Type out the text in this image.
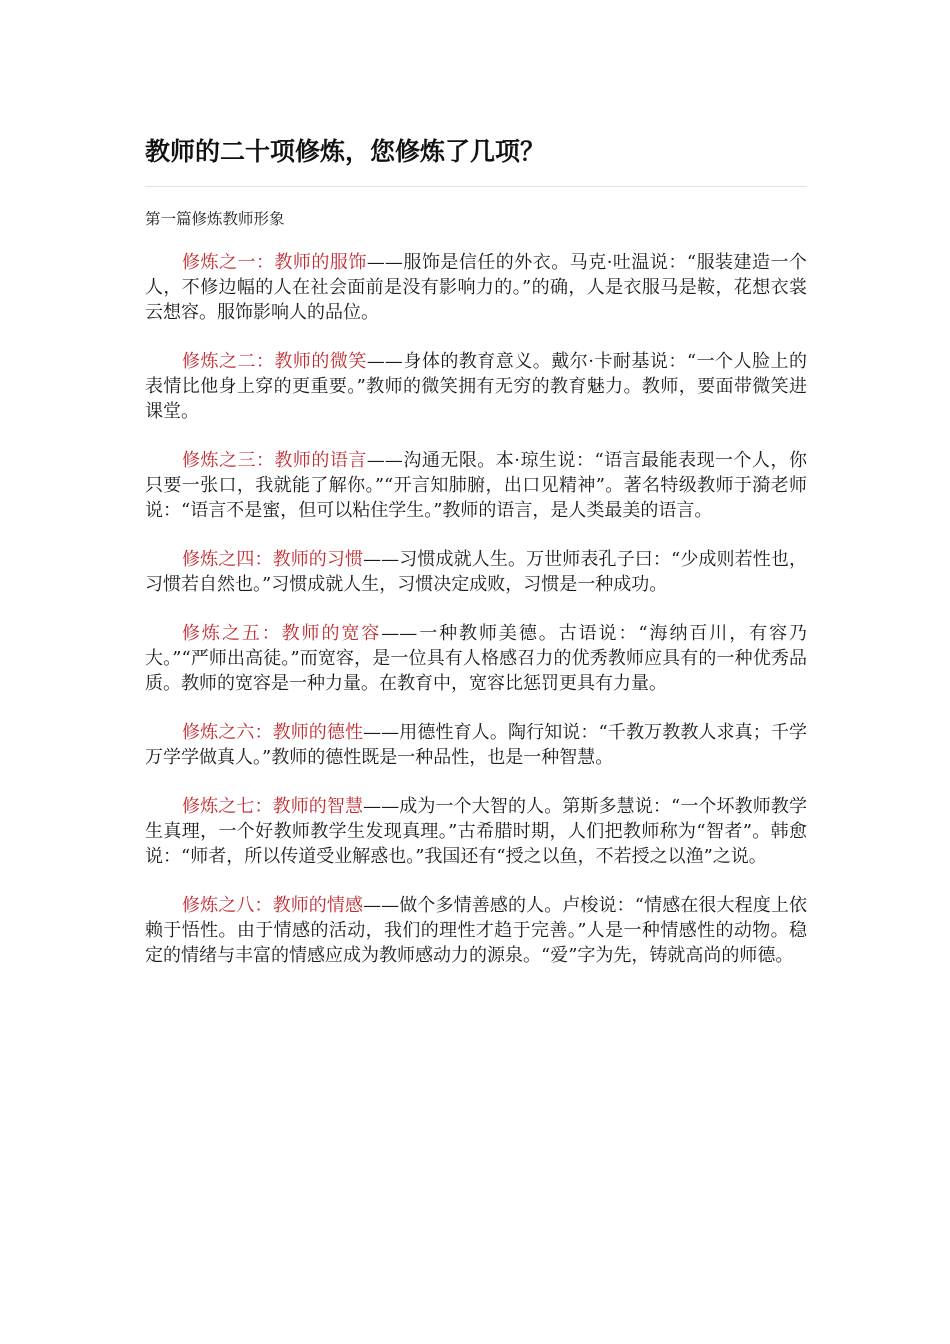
教师的二十项修炼，您修炼了几项？

第一篇修炼教师形象

修炼之一：教师的服饰——服饰是信任的外衣。马克·吐温说：“服装建造一个人，不修边幅的人在社会面前是没有影响力的。”的确，人是衣服马是鞍，花想衣裳云想容。服饰影响人的品位。

修炼之二：教师的微笑——身体的教育意义。戴尔·卡耐基说：“一个人脸上的表情比他身上穿的更重要。”教师的微笑拥有无穷的教育魅力。教师，要面带微笑进课堂。

修炼之三：教师的语言——沟通无限。本·琼生说：“语言最能表现一个人，你只要一张口，我就能了解你。”“开言知肺腑，出口见精神”。著名特级教师于漪老师说：“语言不是蜜，但可以粘住学生。”教师的语言，是人类最美的语言。

修炼之四：教师的习惯——习惯成就人生。万世师表孔子曰：“少成则若性也，习惯若自然也。”习惯成就人生，习惯决定成败，习惯是一种成功。

修炼之五：教师的宽容——一种教师美德。古语说：“海纳百川，有容乃大。”“严师出高徒。”而宽容，是一位具有人格感召力的优秀教师应具有的一种优秀品质。教师的宽容是一种力量。在教育中，宽容比惩罚更具有力量。

修炼之六：教师的德性——用德性育人。陶行知说：“千教万教教人求真；千学万学学做真人。”教师的德性既是一种品性，也是一种智慧。

修炼之七：教师的智慧——成为一个大智的人。第斯多慧说：“一个坏教师教学生真理，一个好教师教学生发现真理。”古希腊时期，人们把教师称为“智者”。韩愈说：“师者，所以传道受业解惑也。”我国还有“授之以鱼，不若授之以渔”之说。

修炼之八：教师的情感——做个多情善感的人。卢梭说：“情感在很大程度上依赖于悟性。由于情感的活动，我们的理性才趋于完善。”人是一种情感性的动物。稳定的情绪与丰富的情感应成为教师感动力的源泉。“爱”字为先，铸就高尚的师德。
